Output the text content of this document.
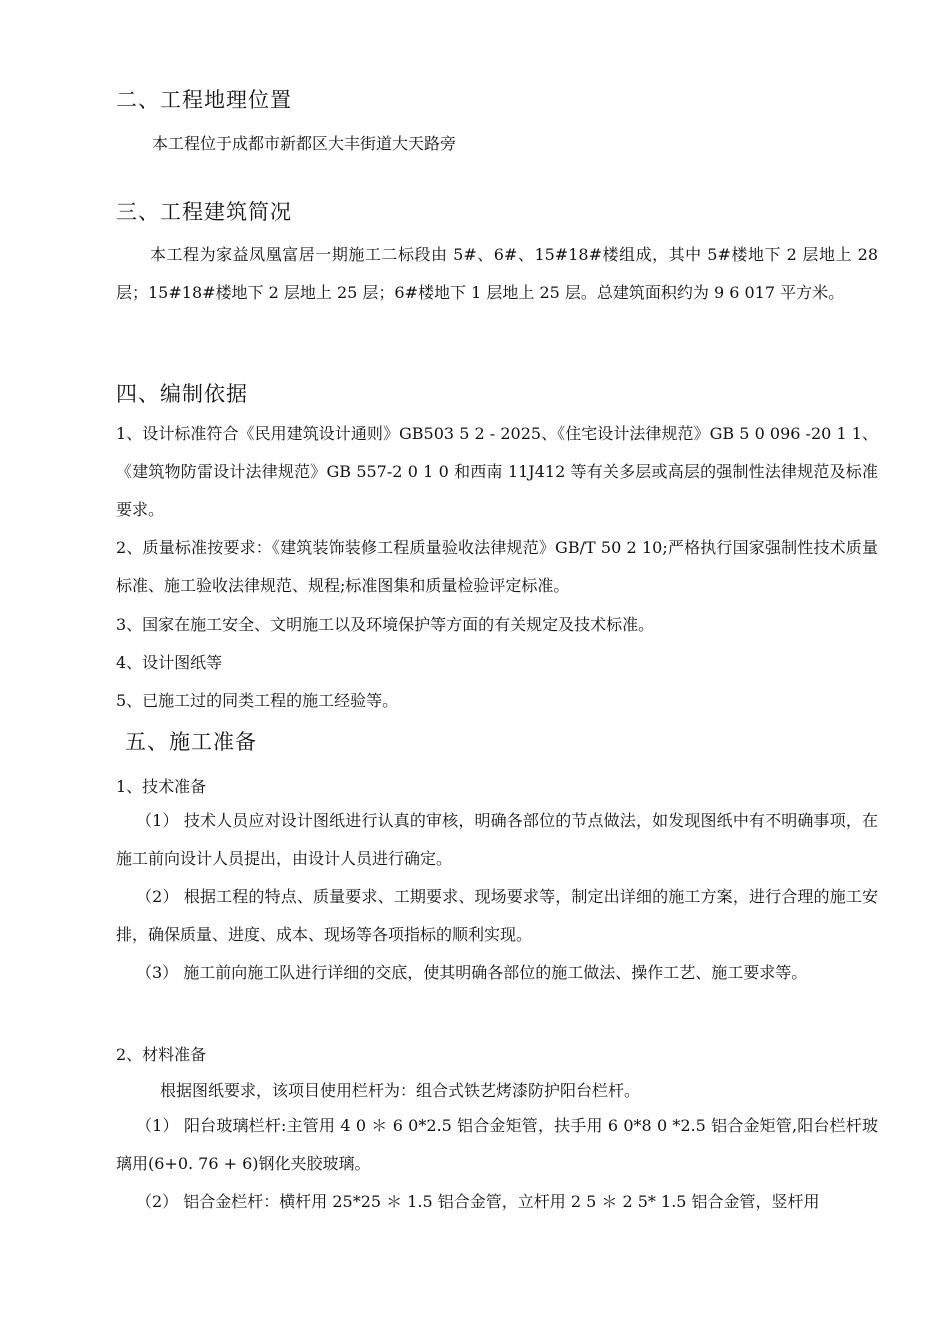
二、工程地理位置

本工程位于成都市新都区大丰街道大天路旁

三、工程建筑简况

本工程为家益凤凰富居一期施工二标段由 5#、6#、15#18#楼组成，其中 5#楼地下 2 层地上 28 层；15#18#楼地下 2 层地上 25 层；6#楼地下 1 层地上 25 层。总建筑面积约为 9 6 017 平方米。

四、编制依据

1、设计标准符合《民用建筑设计通则》GB503 5 2 - 2025、《住宅设计法律规范》GB 5 0 096 -20 1 1、《建筑物防雷设计法律规范》GB 557-2 0 1 0 和西南 11J412 等有关多层或高层的强制性法律规范及标准要求。

2、质量标准按要求：《建筑装饰装修工程质量验收法律规范》GB/T 50 2 10;严格执行国家强制性技术质量标准、施工验收法律规范、规程;标准图集和质量检验评定标准。

3、国家在施工安全、文明施工以及环境保护等方面的有关规定及技术标准。

4、设计图纸等

5、已施工过的同类工程的施工经验等。

五、施工准备

1、技术准备

（1） 技术人员应对设计图纸进行认真的审核，明确各部位的节点做法，如发现图纸中有不明确事项，在施工前向设计人员提出，由设计人员进行确定。

（2） 根据工程的特点、质量要求、工期要求、现场要求等，制定出详细的施工方案，进行合理的施工安排，确保质量、进度、成本、现场等各项指标的顺利实现。

（3） 施工前向施工队进行详细的交底，使其明确各部位的施工做法、操作工艺、施工要求等。

2、材料准备

根据图纸要求，该项目使用栏杆为：组合式铁艺烤漆防护阳台栏杆。

（1） 阳台玻璃栏杆:主管用 4 0 ＊ 6 0*2.5 铝合金矩管，扶手用 6 0*8 0 *2.5 铝合金矩管,阳台栏杆玻璃用(6+0. 76 + 6)钢化夹胶玻璃。

（2） 铝合金栏杆：横杆用 25*25 ＊ 1.5 铝合金管，立杆用 2 5 ＊ 2 5* 1.5 铝合金管，竖杆用
